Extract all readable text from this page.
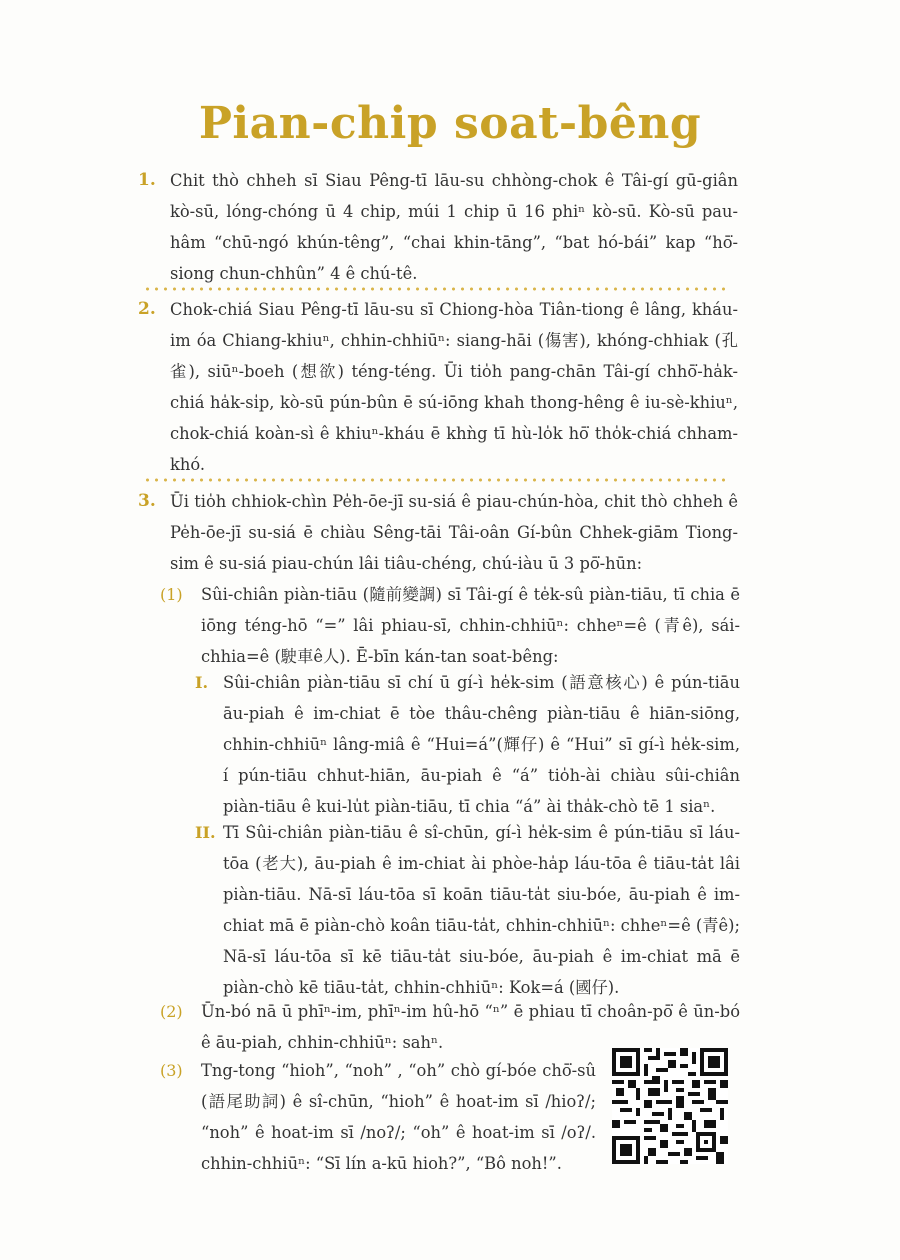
Pian-chip soat-bêng
1. Chit thò chheh sī Siau Pêng-tī lāu-su chhòng-chok ê Tâi-gí gū-giân kò-sū, lóng-chóng ū 4 chip, múi 1 chip ū 16 phiⁿ kò-sū. Kò-sū pau-hâm “chū-ngó khún-têng”, “chai khin-tāng”, “bat hó-bái” kap “hō͘-siong chun-chhûn” 4 ê chú-tê.
2. Chok-chiá Siau Pêng-tī lāu-su sī Chiong-hòa Tiân-tiong ê lâng, kháu-im óa Chiang-khiuⁿ, chhin-chhiūⁿ: siang-hāi (傷害), khóng-chhiak (孔雀), siūⁿ-boeh (想欲) téng-téng. Ūi tio̍h pang-chān Tâi-gí chhō͘-ha̍k-chiá ha̍k-si̍p, kò-sū pún-bûn ē sú-iōng khah thong-hêng ê iu-sè-khiuⁿ, chok-chiá koàn-sì ê khiuⁿ-kháu ē khǹg tī hù-lo̍k hō͘ tho̍k-chiá chham-khó.
3. Ūi tio̍h chhiok-chìn Pe̍h-ōe-jī su-siá ê piau-chún-hòa, chit thò chheh ê Pe̍h-ōe-jī su-siá ē chiàu Sêng-tāi Tâi-oân Gí-bûn Chhek-giām Tiong-sim ê su-siá piau-chún lâi tiâu-chéng, chú-iàu ū 3 pō͘-hūn:
(1) Sûi-chiân piàn-tiāu (隨前變調) sī Tâi-gí ê te̍k-sû piàn-tiāu, tī chia ē iōng téng-hō “=” lâi phiau-sī, chhin-chhiūⁿ: chheⁿ=ê (青ê), sái-chhia=ê (駛車ê人). Ē-bīn kán-tan soat-bêng:
I. Sûi-chiân piàn-tiāu sī chí ū gí-ì he̍k-sim (語意核心) ê pún-tiāu āu-piah ê im-chiat ē tòe thâu-chêng piàn-tiāu ê hiān-siōng, chhin-chhiūⁿ lâng-miâ ê “Hui=á”(輝仔) ê “Hui” sī gí-ì he̍k-sim, í pún-tiāu chhut-hiān, āu-piah ê “á” tio̍h-ài chiàu sûi-chiân piàn-tiāu ê kui-lu̍t piàn-tiāu, tī chia “á” ài tha̍k-chò tē 1 siaⁿ.
II. Tī Sûi-chiân piàn-tiāu ê sî-chūn, gí-ì he̍k-sim ê pún-tiāu sī láu-tōa (老大), āu-piah ê im-chiat ài phòe-ha̍p láu-tōa ê tiāu-ta̍t lâi piàn-tiāu. Nā-sī láu-tōa sī koān tiāu-ta̍t siu-bóe, āu-piah ê im-chiat mā ē piàn-chò koân tiāu-ta̍t, chhin-chhiūⁿ: chheⁿ=ê (青ê); Nā-sī láu-tōa sī kē tiāu-ta̍t siu-bóe, āu-piah ê im-chiat mā ē piàn-chò kē tiāu-ta̍t, chhin-chhiūⁿ: Kok=á (國仔).
(2) Ūn-bó nā ū phīⁿ-im, phīⁿ-im hû-hō “ⁿ” ē phiau tī choân-pō͘ ê ūn-bó ê āu-piah, chhin-chhiūⁿ: sahⁿ.
(3) Tng-tong “hioh”, “noh” , “oh” chò gí-bóe chō͘-sû (語尾助詞) ê sî-chūn, “hioh” ê hoat-im sī /hioʔ/; “noh” ê hoat-im sī /noʔ/; “oh” ê hoat-im sī /oʔ/. chhin-chhiūⁿ: “Sī lín a-kū hioh?”, “Bô noh!”.
